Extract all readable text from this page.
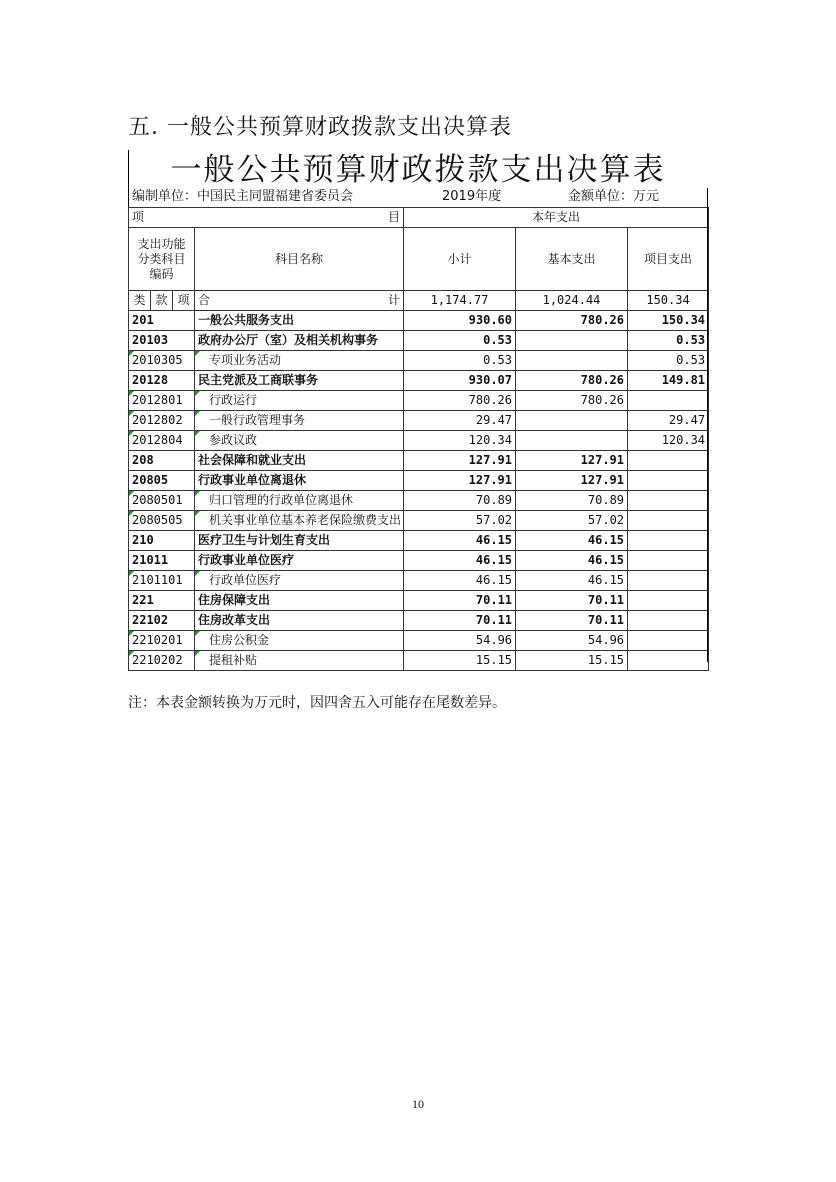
五. 一般公共预算财政拨款支出决算表
一般公共预算财政拨款支出决算表
编制单位：中国民主同盟福建省委员会	2019年度	金额单位：万元
项 目				本年支出		
支出功能分类科目编码			科目名称	小计	基本支出	项目支出
类	款	项	合 计	1,174.77	1,024.44	150.34
201			一般公共服务支出	930.60	780.26	150.34
20103			政府办公厅（室）及相关机构事务	0.53		0.53
2010305			专项业务活动	0.53		0.53
20128			民主党派及工商联事务	930.07	780.26	149.81
2012801			行政运行	780.26	780.26	
2012802			一般行政管理事务	29.47		29.47
2012804			参政议政	120.34		120.34
208			社会保障和就业支出	127.91	127.91	
20805			行政事业单位离退休	127.91	127.91	
2080501			归口管理的行政单位离退休	70.89	70.89	
2080505			机关事业单位基本养老保险缴费支出	57.02	57.02	
210			医疗卫生与计划生育支出	46.15	46.15	
21011			行政事业单位医疗	46.15	46.15	
2101101			行政单位医疗	46.15	46.15	
221			住房保障支出	70.11	70.11	
22102			住房改革支出	70.11	70.11	
2210201			住房公积金	54.96	54.96	
2210202			提租补贴	15.15	15.15	
注：本表金额转换为万元时，因四舍五入可能存在尾数差异。
10
